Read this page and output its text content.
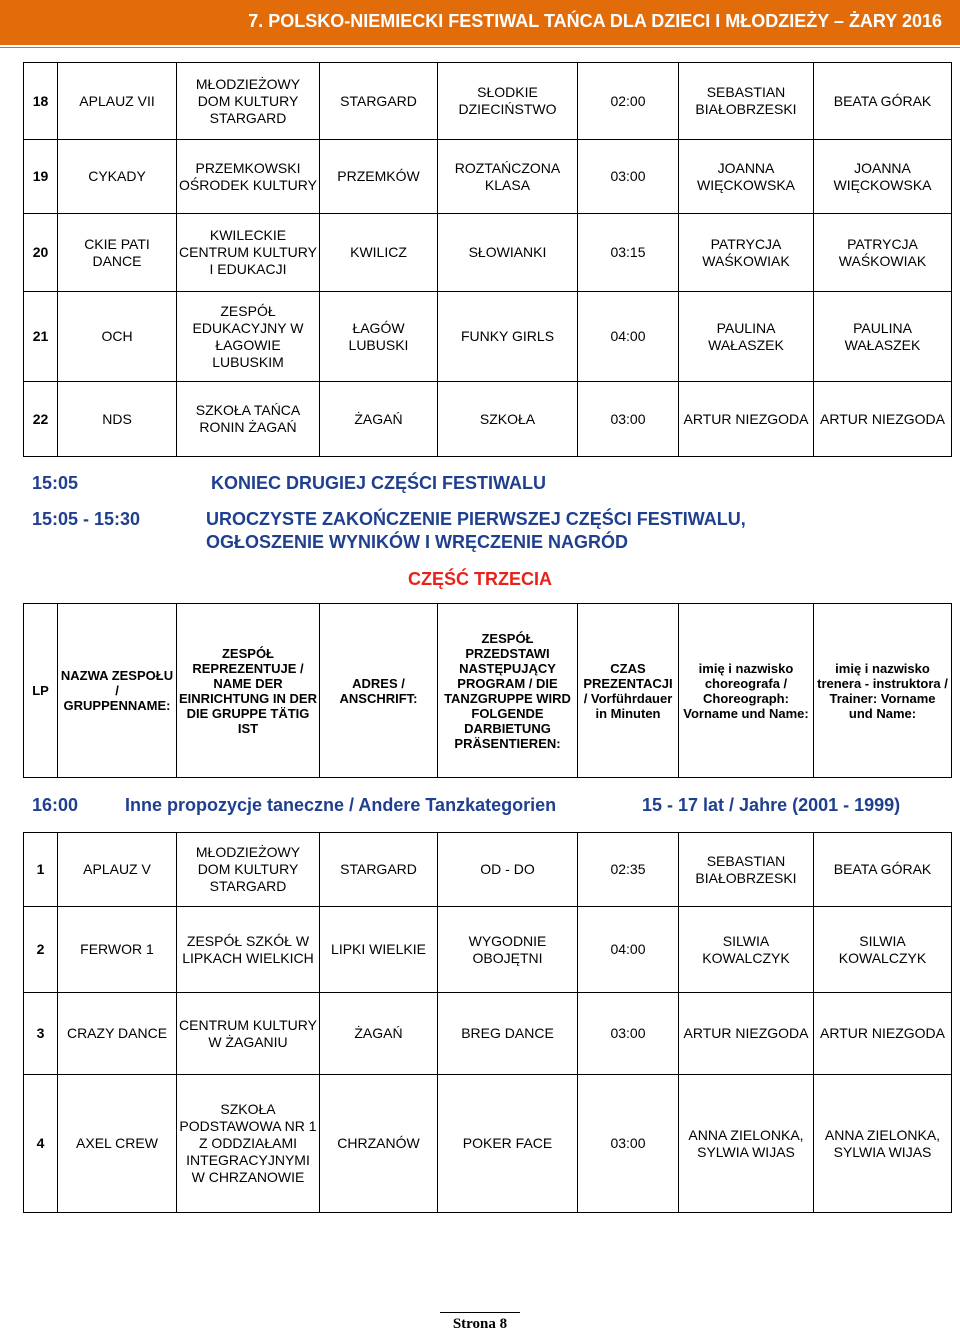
7. POLSKO-NIEMIECKI FESTIWAL TAŃCA DLA DZIECI I MŁODZIEŻY – ŻARY 2016
18	APLAUZ VII	MŁODZIEŻOWY DOM KULTURY STARGARD	STARGARD	SŁODKIE DZIECIŃSTWO	02:00	SEBASTIAN BIAŁOBRZESKI	BEATA GÓRAK
19	CYKADY	PRZEMKOWSKI OŚRODEK KULTURY	PRZEMKÓW	ROZTAŃCZONA KLASA	03:00	JOANNA WIĘCKOWSKA	JOANNA WIĘCKOWSKA
20	CKIE PATI DANCE	KWILECKIE CENTRUM KULTURY I EDUKACJI	KWILICZ	SŁOWIANKI	03:15	PATRYCJA WAŚKOWIAK	PATRYCJA WAŚKOWIAK
21	OCH	ZESPÓŁ EDUKACYJNY W ŁAGOWIE LUBUSKIM	ŁAGÓW LUBUSKI	FUNKY GIRLS	04:00	PAULINA WAŁASZEK	PAULINA WAŁASZEK
22	NDS	SZKOŁA TAŃCA RONIN ŻAGAŃ	ŻAGAŃ	SZKOŁA	03:00	ARTUR NIEZGODA	ARTUR NIEZGODA
15:05	KONIEC DRUGIEJ CZĘŚCI FESTIWALU
15:05 - 15:30	UROCZYSTE ZAKOŃCZENIE PIERWSZEJ CZĘŚCI FESTIWALU,
OGŁOSZENIE WYNIKÓW I WRĘCZENIE NAGRÓD
CZĘŚĆ TRZECIA
LP	NAZWA ZESPOŁU / GRUPPENNAME:	ZESPÓŁ REPREZENTUJE / NAME DER EINRICHTUNG IN DER DIE GRUPPE TÄTIG IST	ADRES / ANSCHRIFT:	ZESPÓŁ PRZEDSTAWI NASTĘPUJĄCY PROGRAM / DIE TANZGRUPPE WIRD FOLGENDE DARBIETUNG PRÄSENTIEREN:	CZAS PREZENTACJI / Vorführdauer in Minuten	imię i nazwisko choreografa / Choreograph: Vorname und Name:	imię i nazwisko trenera - instruktora / Trainer: Vorname und Name:
16:00	Inne propozycje taneczne / Andere Tanzkategorien	15 - 17 lat / Jahre (2001 - 1999)
1	APLAUZ V	MŁODZIEŻOWY DOM KULTURY STARGARD	STARGARD	OD - DO	02:35	SEBASTIAN BIAŁOBRZESKI	BEATA GÓRAK
2	FERWOR 1	ZESPÓŁ SZKÓŁ W LIPKACH WIELKICH	LIPKI WIELKIE	WYGODNIE OBOJĘTNI	04:00	SILWIA KOWALCZYK	SILWIA KOWALCZYK
3	CRAZY DANCE	CENTRUM KULTURY W ŻAGANIU	ŻAGAŃ	BREG DANCE	03:00	ARTUR NIEZGODA	ARTUR NIEZGODA
4	AXEL CREW	SZKOŁA PODSTAWOWA NR 1 Z ODDZIAŁAMI INTEGRACYJNYMI W CHRZANOWIE	CHRZANÓW	POKER FACE	03:00	ANNA ZIELONKA, SYLWIA WIJAS	ANNA ZIELONKA, SYLWIA WIJAS
Strona 8
